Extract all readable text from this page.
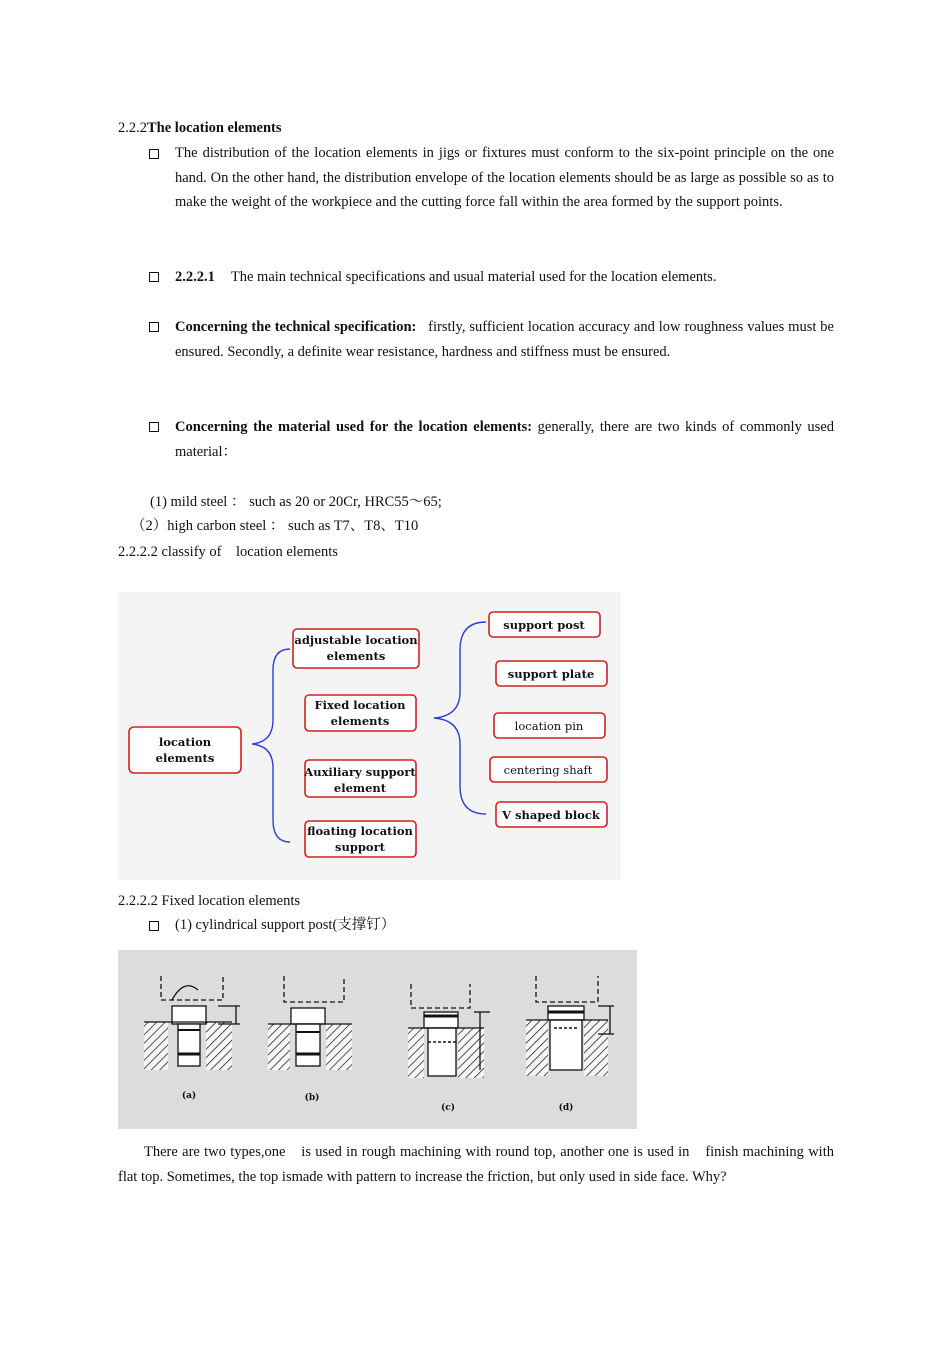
2.2.2The location elements
The distribution of the location elements in jigs or fixtures must conform to the six-point principle on the one hand. On the other hand, the distribution envelope of the location elements should be as large as possible so as to make the weight of the workpiece and the cutting force fall within the area formed by the support points.
2.2.2.1 The main technical specifications and usual material used for the location elements.
Concerning the technical specification: firstly, sufficient location accuracy and low roughness values must be ensured. Secondly, a definite wear resistance, hardness and stiffness must be ensured.
Concerning the material used for the location elements: generally, there are two kinds of commonly used material：
(1) mild steel ： such as 20 or 20Cr, HRC55～65;
（2）high carbon steel ： such as T7、T8、T10
2.2.2.2 classify of　location elements
location
elements
adjustable location
elements
Fixed location
elements
Auxiliary support
element
floating location
support
support post
support plate
location pin
centering shaft
V shaped block
2.2.2.2 Fixed location elements
(1) cylindrical support post(支撑钉）
(a)	(b)
(c)	(d)
There are two types,one　is used in rough machining with round top, another one is used in　finish machining with flat top. Sometimes, the top ismade with pattern to increase the friction, but only used in side face. Why?
